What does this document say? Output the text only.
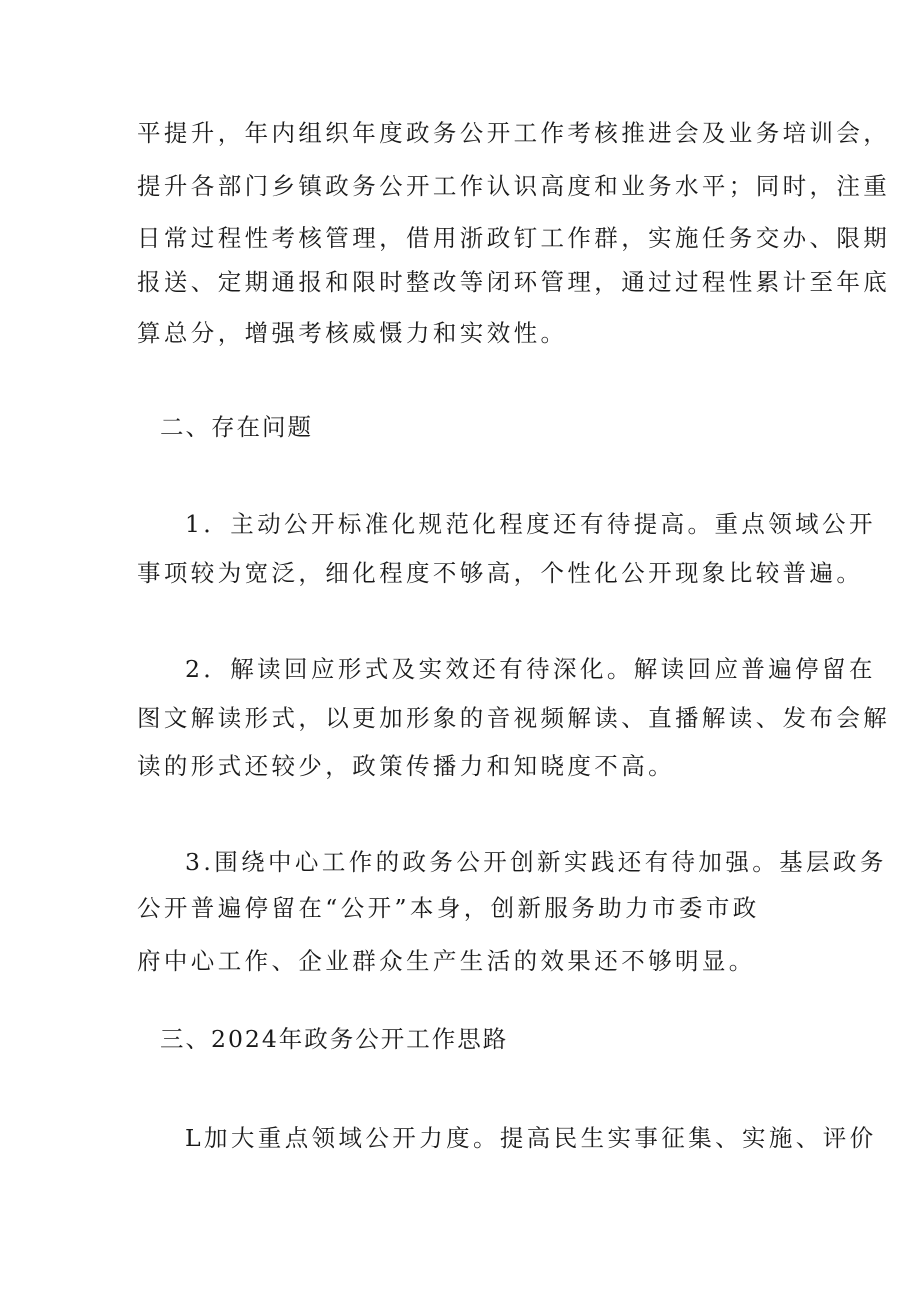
平提升，年内组织年度政务公开工作考核推进会及业务培训会，
提升各部门乡镇政务公开工作认识高度和业务水平；同时，注重
日常过程性考核管理，借用浙政钉工作群，实施任务交办、限期
报送、定期通报和限时整改等闭环管理，通过过程性累计至年底
算总分，增强考核威慑力和实效性。
二、存在问题
1．主动公开标准化规范化程度还有待提高。重点领域公开
事项较为宽泛，细化程度不够高，个性化公开现象比较普遍。
2．解读回应形式及实效还有待深化。解读回应普遍停留在
图文解读形式，以更加形象的音视频解读、直播解读、发布会解
读的形式还较少，政策传播力和知晓度不高。
3.围绕中心工作的政务公开创新实践还有待加强。基层政务
公开普遍停留在“公开”本身，创新服务助力市委市政
府中心工作、企业群众生产生活的效果还不够明显。
三、2024年政务公开工作思路
L加大重点领域公开力度。提高民生实事征集、实施、评价
